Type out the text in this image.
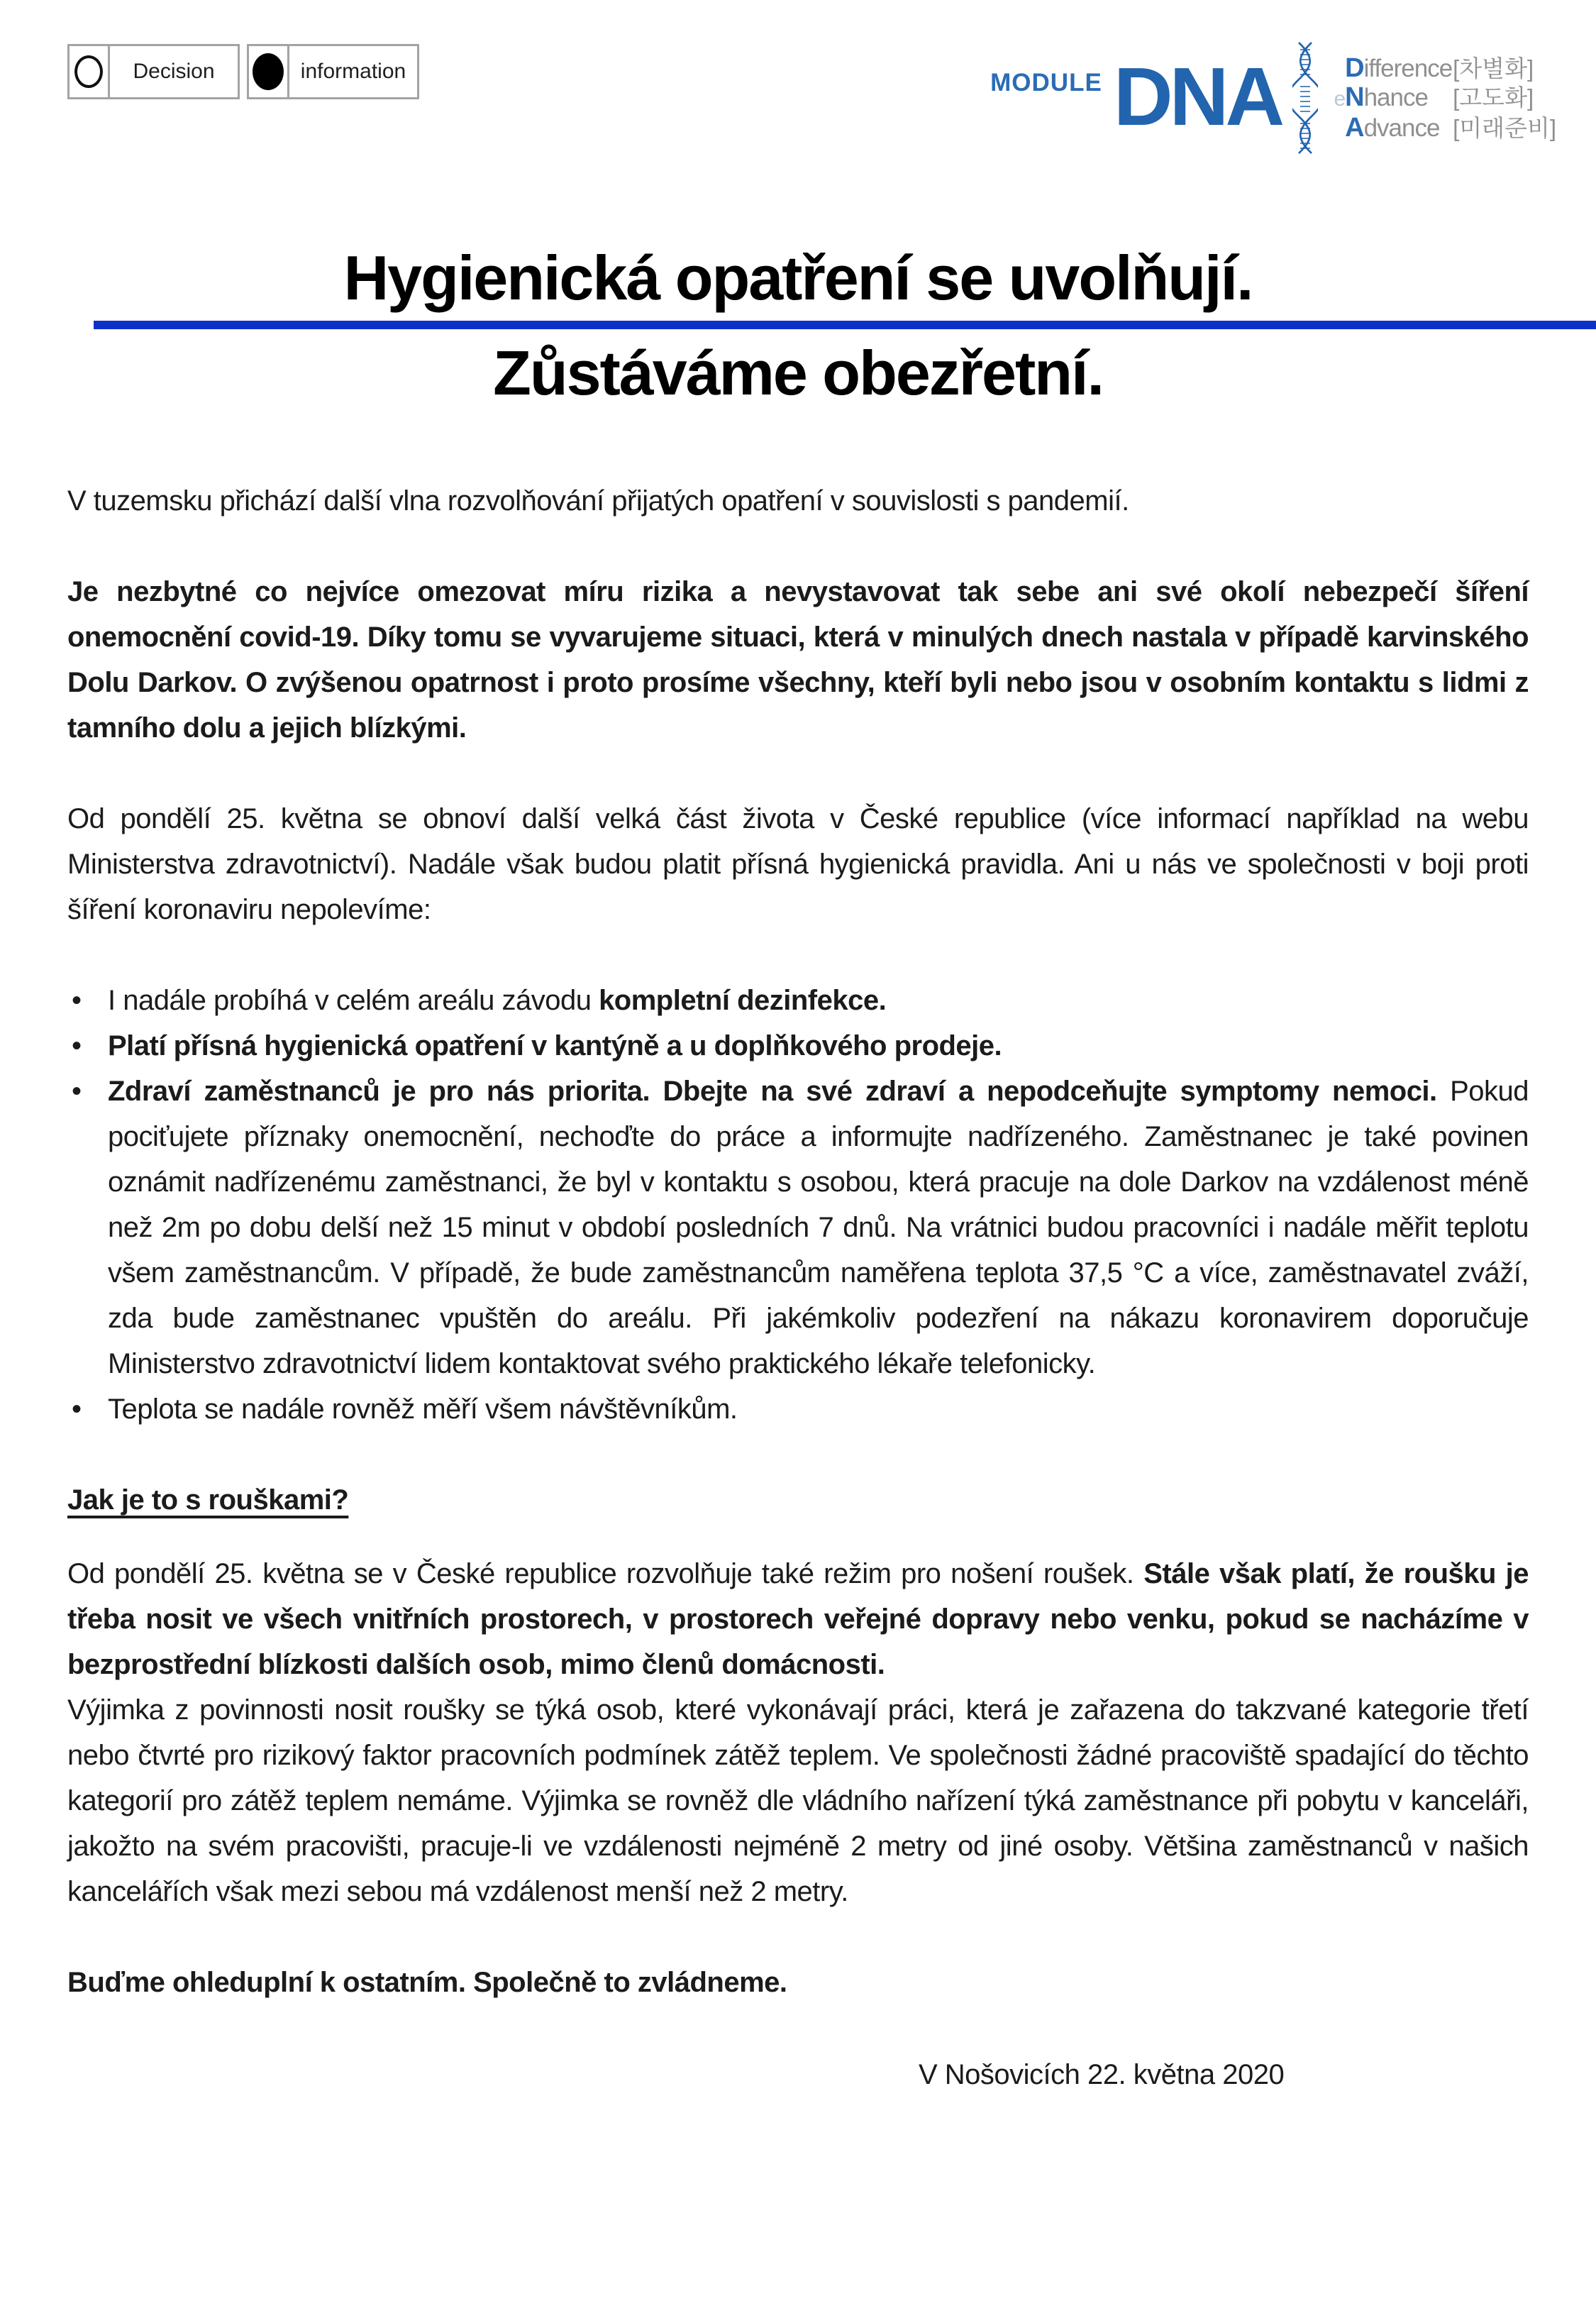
Decision	information	MODULE DNA	Difference [차별화]
eNhance	[고도화]
Advance [미래준비]
Hygienická opatření se uvolňují.
Zůstáváme obezřetní.

V tuzemsku přichází další vlna rozvolňování přijatých opatření v souvislosti s pandemií.

Je nezbytné co nejvíce omezovat míru rizika a nevystavovat tak sebe ani své okolí nebezpečí šíření onemocnění covid-19. Díky tomu se vyvarujeme situaci, která v minulých dnech nastala v případě karvinského Dolu Darkov. O zvýšenou opatrnost i proto prosíme všechny, kteří byli nebo jsou v osobním kontaktu s lidmi z tamního dolu a jejich blízkými.

Od pondělí 25. května se obnoví další velká část života v České republice (více informací například na webu Ministerstva zdravotnictví). Nadále však budou platit přísná hygienická pravidla. Ani u nás ve společnosti v boji proti šíření koronaviru nepolevíme:

• I nadále probíhá v celém areálu závodu kompletní dezinfekce.
• Platí přísná hygienická opatření v kantýně a u doplňkového prodeje.
• Zdraví zaměstnanců je pro nás priorita. Dbejte na své zdraví a nepodceňujte symptomy nemoci. Pokud pociťujete příznaky onemocnění, nechoďte do práce a informujte nadřízeného. Zaměstnanec je také povinen oznámit nadřízenému zaměstnanci, že byl v kontaktu s osobou, která pracuje na dole Darkov na vzdálenost méně než 2m po dobu delší než 15 minut v období posledních 7 dnů. Na vrátnici budou pracovníci i nadále měřit teplotu všem zaměstnancům. V případě, že bude zaměstnancům naměřena teplota 37,5 °C a více, zaměstnavatel zváží, zda bude zaměstnanec vpuštěn do areálu. Při jakémkoliv podezření na nákazu koronavirem doporučuje Ministerstvo zdravotnictví lidem kontaktovat svého praktického lékaře telefonicky.
• Teplota se nadále rovněž měří všem návštěvníkům.

Jak je to s rouškami?

Od pondělí 25. května se v České republice rozvolňuje také režim pro nošení roušek. Stále však platí, že roušku je třeba nosit ve všech vnitřních prostorech, v prostorech veřejné dopravy nebo venku, pokud se nacházíme v bezprostřední blízkosti dalších osob, mimo členů domácnosti.
Výjimka z povinnosti nosit roušky se týká osob, které vykonávají práci, která je zařazena do takzvané kategorie třetí nebo čtvrté pro rizikový faktor pracovních podmínek zátěž teplem. Ve společnosti žádné pracoviště spadající do těchto kategorií pro zátěž teplem nemáme. Výjimka se rovněž dle vládního nařízení týká zaměstnance při pobytu v kanceláři, jakožto na svém pracovišti, pracuje-li ve vzdálenosti nejméně 2 metry od jiné osoby. Většina zaměstnanců v našich kancelářích však mezi sebou má vzdálenost menší než 2 metry.

Buďme ohleduplní k ostatním. Společně to zvládneme.

V Nošovicích 22. května 2020
